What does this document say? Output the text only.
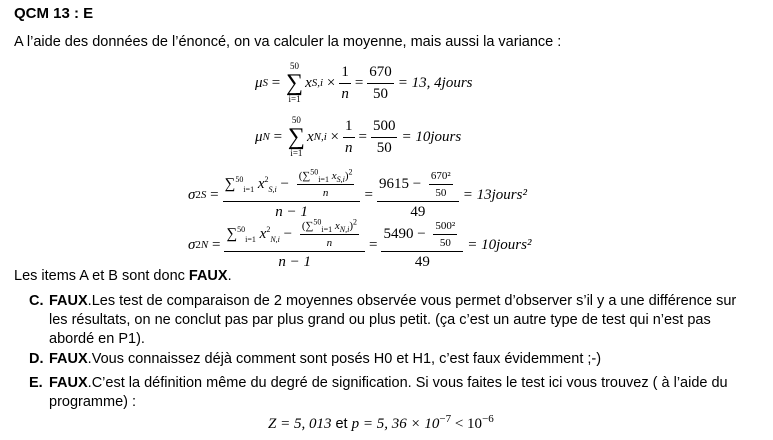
QCM 13 : E
A l’aide des données de l’énoncé, on va calculer la moyenne, mais aussi la variance :
μ S =
50
∑
i=1
x $S,i \times \frac{1}{n} = \frac{670}{50} = 13$, 4jours
μ N =
50
∑
i=1
x $N,i \times \frac{1}{n} = \frac{500}{50}$ = 10jours
σ 2 $S = \frac{\sum^{50}_{i=1} x^2_{S,i} - \frac{(\sum^{50}_{i=1} x_{S,i})^2}{n}}{n - 1} = \frac{9615 - \frac{\text{670²}}{50}}{49}$ = 13jours²
σ 2 $N = \frac{\sum^{50}_{i=1} x^2_{N,i} - \frac{(\sum^{50}_{i=1} x_{N,i})^2}{n}}{n - 1} = \frac{5490 - \frac{\text{500²}}{50}}{49}$ = 10jours²
Les items A et B sont donc FAUX.
C. FAUX.Les test de comparaison de 2 moyennes observée vous permet d’observer s’il y a une différence sur
les résultats, on ne conclut pas par plus grand ou plus petit. (ça c’est un autre type de test qui n’est pas
abordé en P1).
D. FAUX.Vous connaissez déjà comment sont posés H0 et H1, c’est faux évidemment ;-)
E. FAUX.C’est la définition même du degré de signification. Si vous faites le test ici vous trouvez ( à l’aide du
programme) :
Z = 5, 013 et p = 5, $36 \times 10^{-7} < 10^{-6}$
